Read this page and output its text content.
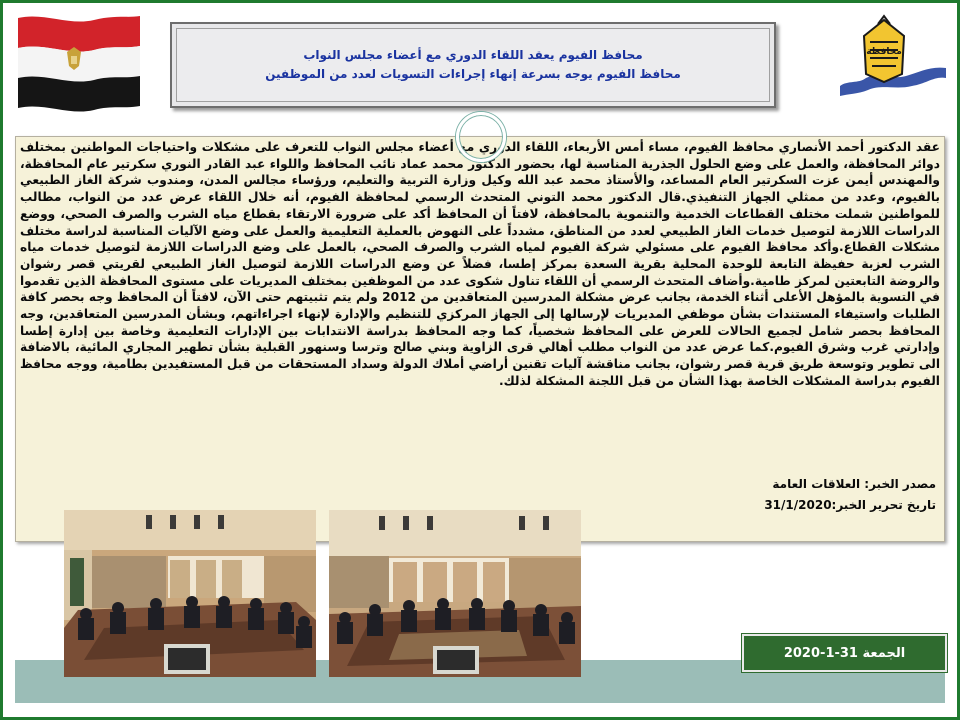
محافظة
محافظ الفيوم يعقد اللقاء الدوري مع أعضاء مجلس النواب
محافظ الفيوم يوجه بسرعة إنهاء إجراءات التسويات لعدد من الموظفين

عقد الدكتور أحمد الأنصاري محافظ الفيوم، مساء أمس الأربعاء، اللقاء الدوري مع أعضاء مجلس النواب للتعرف على مشكلات واحتياجات المواطنين بمختلف دوائر المحافظة، والعمل على وضع الحلول الجذرية المناسبة لها، بحضور الدكتور محمد عماد نائب المحافظ واللواء عبد القادر النوري سكرتير عام المحافظة، والمهندس أيمن عزت السكرتير العام المساعد، والأستاذ محمد عبد الله وكيل وزارة التربية والتعليم، ورؤساء مجالس المدن، ومندوب شركة الغاز الطبيعي بالفيوم، وعدد من ممثلي الجهاز التنفيذي.قال الدكتور محمد التوني المتحدث الرسمي لمحافظة الفيوم، أنه خلال اللقاء عرض عدد من النواب، مطالب للمواطنين شملت مختلف القطاعات الخدمية والتنموية بالمحافظة، لافتاً أن المحافظ أكد على ضرورة الارتقاء بقطاع مياه الشرب والصرف الصحي، ووضع الدراسات اللازمة لتوصيل خدمات الغاز الطبيعي لعدد من المناطق، مشدداً على النهوض بالعملية التعليمية والعمل على وضع الآليات المناسبة لدراسة مختلف مشكلات القطاع.وأكد محافظ الفيوم على مسئولي شركة الفيوم لمياه الشرب والصرف الصحي، بالعمل على وضع الدراسات اللازمة لتوصيل خدمات مياه الشرب لعزبة حفيظة التابعة للوحدة المحلية بقرية السعدة بمركز إطسا، فضلاً عن وضع الدراسات اللازمة لتوصيل الغاز الطبيعي لقريتي قصر رشوان والروضة التابعتين لمركز طامية.وأضاف المتحدث الرسمي أن اللقاء تناول شكوى عدد من الموظفين بمختلف المديريات على مستوى المحافظة الذين تقدموا في التسوية بالمؤهل الأعلى أثناء الخدمة، بجانب عرض مشكلة المدرسين المتعاقدين من 2012 ولم يتم تثبيتهم حتى الآن، لافتاً أن المحافظ وجه بحصر كافة الطلبات واستيفاء المستندات بشأن موظفي المديريات لإرسالها إلى الجهاز المركزي للتنظيم والإدارة لإنهاء اجراءاتهم، وبشأن المدرسين المتعاقدين، وجه المحافظ بحصر شامل لجميع الحالات للعرض على المحافظ شخصياً، كما وجه المحافظ بدراسة الانتدابات بين الإدارات التعليمية وخاصة بين إدارة إطسا وإدارتي غرب وشرق الفيوم.كما عرض عدد من النواب مطلب أهالي قرى الزاوية وبني صالح وترسا وسنهور القبلية بشأن تطهير المجاري المائية، بالاضافة الى تطوير وتوسعة طريق قرية قصر رشوان، بجانب مناقشة آليات تقنين أراضي أملاك الدولة وسداد المستحقات من قبل المستفيدين بطامية، ووجه محافظ الفيوم بدراسة المشكلات الخاصة بهذا الشأن من قبل اللجنة المشكلة لذلك.

مصدر الخبر: العلاقات العامة
تاريخ تحرير الخبر:31/1/2020
الجمعة 31-1-2020
